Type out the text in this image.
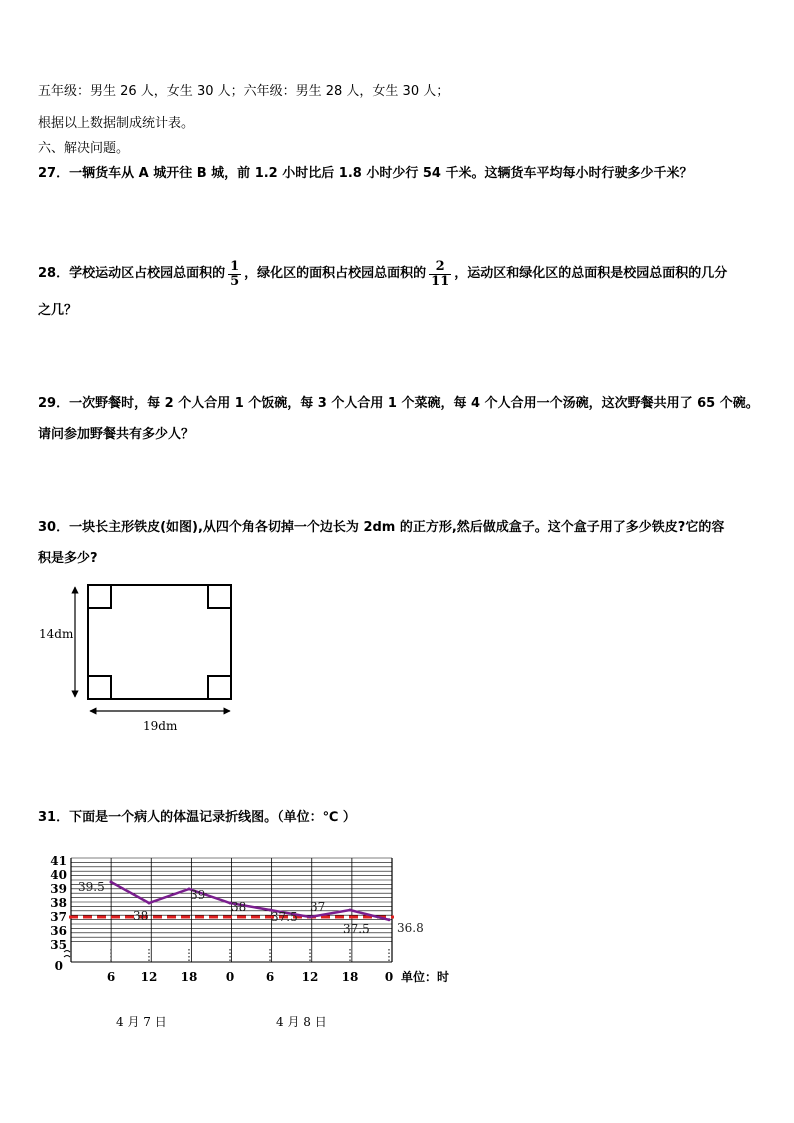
五年级：男生 26 人，女生 30 人；六年级：男生 28 人，女生 30 人；
根据以上数据制成统计表。
六、解决问题。
27．一辆货车从 A 城开往 B 城，前 1.2 小时比后 1.8 小时少行 54 千米。这辆货车平均每小时行驶多少千米？
28．学校运动区占校园总面积的 $\frac{1}{5}$ ，绿化区的面积占校园总面积的 $\frac{2}{11}$ ，运动区和绿化区的总面积是校园总面积的几分
之几？
29．一次野餐时，每 2 个人合用 1 个饭碗，每 3 个人合用 1 个菜碗，每 4 个人合用一个汤碗，这次野餐共用了 65 个碗。
请问参加野餐共有多少人？
30．一块长主形铁皮(如图),从四个角各切掉一个边长为 2dm 的正方形,然后做成盒子。这个盒子用了多少铁皮?它的容
积是多少?
14dm
19dm
31．下面是一个病人的体温记录折线图。（单位：℃ ）
41
40
39
38
37
36
35
0
39.5
38
39
38
37.5
37
37.5 36.8
6 12 18 0	6 12 18 0 单位：时
4 月 7 日	4 月 8 日
